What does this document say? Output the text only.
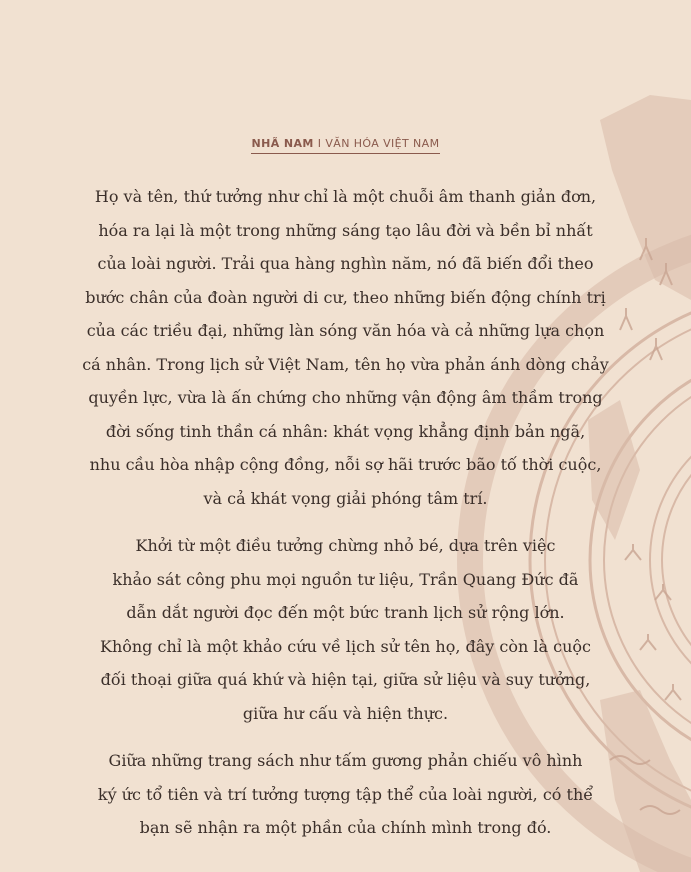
NHÃ NAM I VĂN HÓA VIỆT NAM
Họ và tên, thứ tưởng như chỉ là một chuỗi âm thanh giản đơn,
hóa ra lại là một trong những sáng tạo lâu đời và bền bỉ nhất
của loài người. Trải qua hàng nghìn năm, nó đã biến đổi theo
bước chân của đoàn người di cư, theo những biến động chính trị
của các triều đại, những làn sóng văn hóa và cả những lựa chọn
cá nhân. Trong lịch sử Việt Nam, tên họ vừa phản ánh dòng chảy
quyền lực, vừa là ấn chứng cho những vận động âm thầm trong
đời sống tinh thần cá nhân: khát vọng khẳng định bản ngã,
nhu cầu hòa nhập cộng đồng, nỗi sợ hãi trước bão tố thời cuộc,
và cả khát vọng giải phóng tâm trí.
Khởi từ một điều tưởng chừng nhỏ bé, dựa trên việc
khảo sát công phu mọi nguồn tư liệu, Trần Quang Đức đã
dẫn dắt người đọc đến một bức tranh lịch sử rộng lớn.
Không chỉ là một khảo cứu về lịch sử tên họ, đây còn là cuộc
đối thoại giữa quá khứ và hiện tại, giữa sử liệu và suy tưởng,
giữa hư cấu và hiện thực.
Giữa những trang sách như tấm gương phản chiếu vô hình
ký ức tổ tiên và trí tưởng tượng tập thể của loài người, có thể
bạn sẽ nhận ra một phần của chính mình trong đó.
